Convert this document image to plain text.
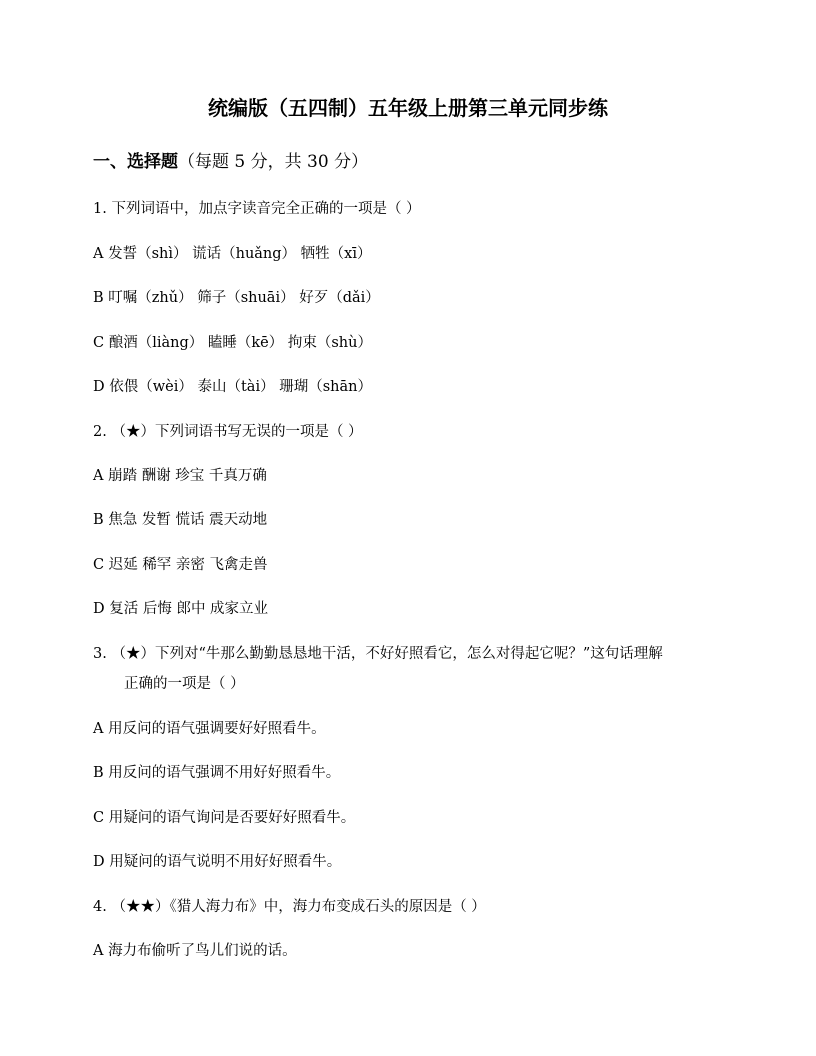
统编版（五四制）五年级上册第三单元同步练
一、选择题（每题 5 分，共 30 分）
1. 下列词语中，加点字读音完全正确的一项是（ ）
A 发誓（shì） 谎话（huǎng） 牺牲（xī）
B 叮嘱（zhǔ） 筛子（shuāi） 好歹（dǎi）
C 酿酒（liàng） 瞌睡（kē） 拘束（shù）
D 依偎（wèi） 泰山（tài） 珊瑚（shān）
2. （★）下列词语书写无误的一项是（ ）
A 崩踏 酬谢 珍宝 千真万确
B 焦急 发暂 慌话 震天动地
C 迟延 稀罕 亲密 飞禽走兽
D 复活 后悔 郎中 成家立业
3. （★）下列对“牛那么勤勤恳恳地干活，不好好照看它，怎么对得起它呢？”这句话理解
正确的一项是（ ）
A 用反问的语气强调要好好照看牛。
B 用反问的语气强调不用好好照看牛。
C 用疑问的语气询问是否要好好照看牛。
D 用疑问的语气说明不用好好照看牛。
4. （★★）《猎人海力布》中，海力布变成石头的原因是（ ）
A 海力布偷听了鸟儿们说的话。
